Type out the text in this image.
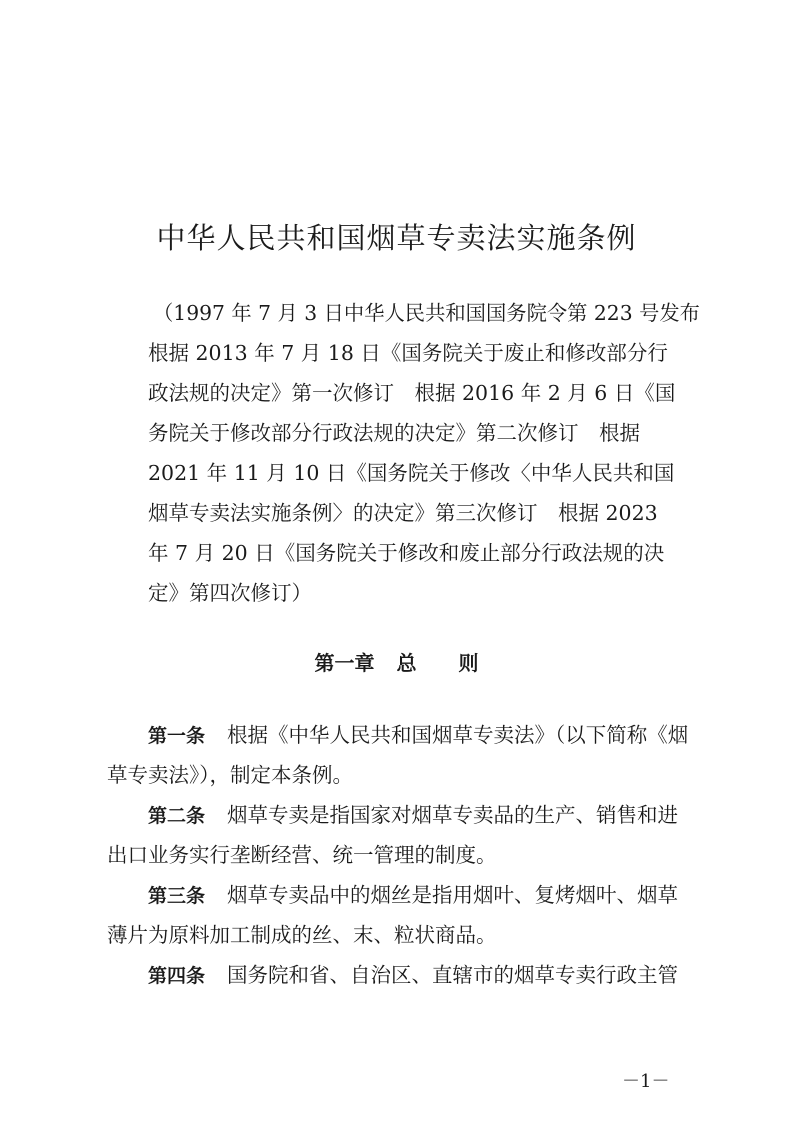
中华人民共和国烟草专卖法实施条例
（1997 年 7 月 3 日中华人民共和国国务院令第 223 号发布
根据 2013 年 7 月 18 日《国务院关于废止和修改部分行
政法规的决定》第一次修订　根据 2016 年 2 月 6 日《国
务院关于修改部分行政法规的决定》第二次修订　根据
2021 年 11 月 10 日《国务院关于修改〈中华人民共和国
烟草专卖法实施条例〉的决定》第三次修订　根据 2023
年 7 月 20 日《国务院关于修改和废止部分行政法规的决
定》第四次修订）
第一章 总 则
第一条 根据《中华人民共和国烟草专卖法》（以下简称《烟
草专卖法》），制定本条例。
第二条 烟草专卖是指国家对烟草专卖品的生产、销售和进
出口业务实行垄断经营、统一管理的制度。
第三条 烟草专卖品中的烟丝是指用烟叶、复烤烟叶、烟草
薄片为原料加工制成的丝、末、粒状商品。
第四条 国务院和省、自治区、直辖市的烟草专卖行政主管
－1－
